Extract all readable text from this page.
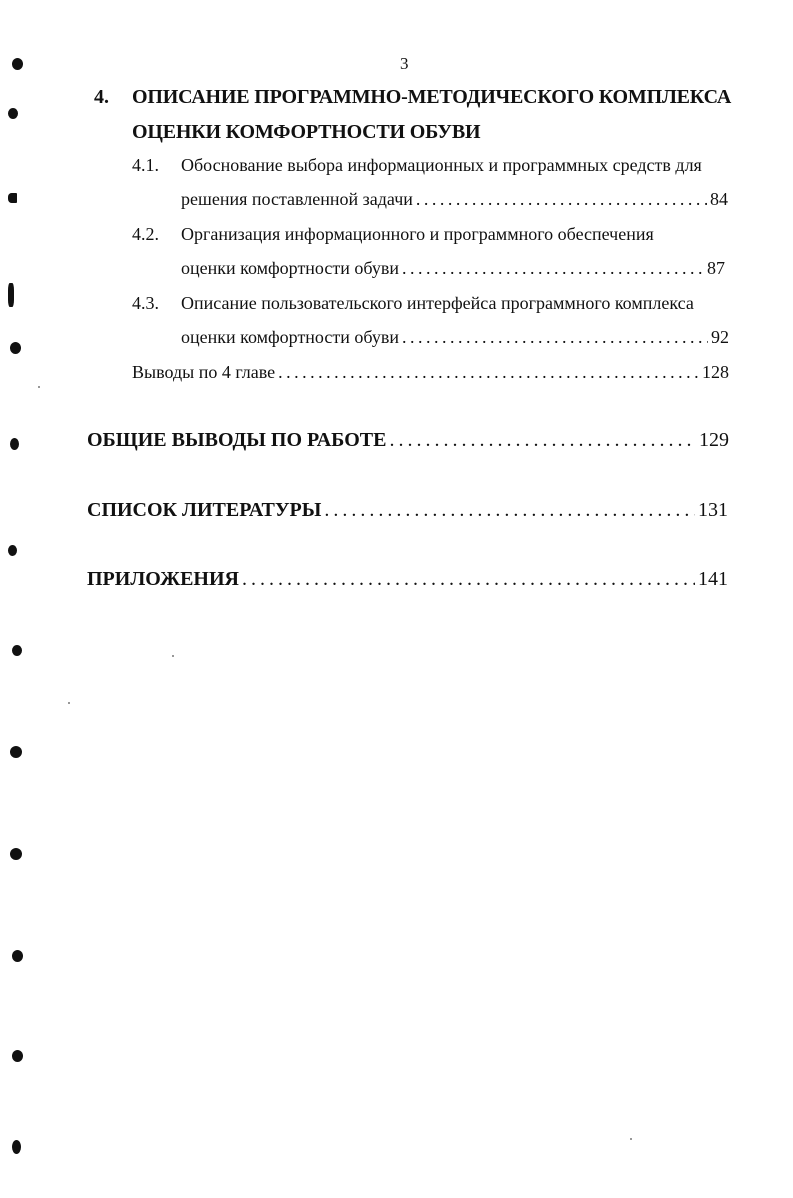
3
4. ОПИСАНИЕ ПРОГРАММНО-МЕТОДИЧЕСКОГО КОМПЛЕКСА
ОЦЕНКИ КОМФОРТНОСТИ ОБУВИ
4.1. Обоснование выбора информационных и программных средств для
решения поставленной задачи . . .	84
4.2. Организация информационного и программного обеспечения
оценки комфортности обуви . . .	87
4.3. Описание пользовательского интерфейса программного комплекса
оценки комфортности обуви . . .	92
Выводы по 4 главе . . .	128
ОБЩИЕ ВЫВОДЫ ПО РАБОТЕ . . .	129
СПИСОК ЛИТЕРАТУРЫ . . .	131
ПРИЛОЖЕНИЯ . . .	141
